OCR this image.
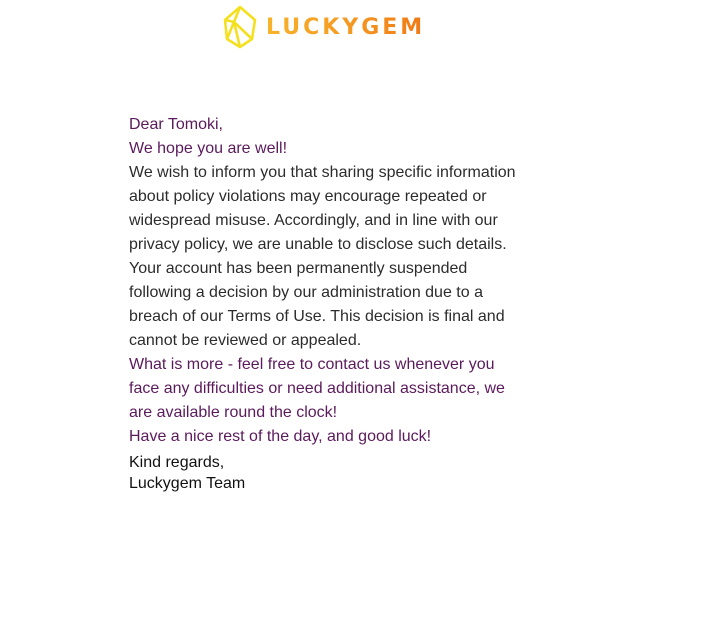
LUCKYGEM

Dear Tomoki,

We hope you are well!

We wish to inform you that sharing specific information about policy violations may encourage repeated or widespread misuse. Accordingly, and in line with our privacy policy, we are unable to disclose such details. Your account has been permanently suspended following a decision by our administration due to a breach of our Terms of Use. This decision is final and cannot be reviewed or appealed.

What is more - feel free to contact us whenever you face any difficulties or need additional assistance, we are available round the clock!

Have a nice rest of the day, and good luck!

Kind regards,
Luckygem Team
